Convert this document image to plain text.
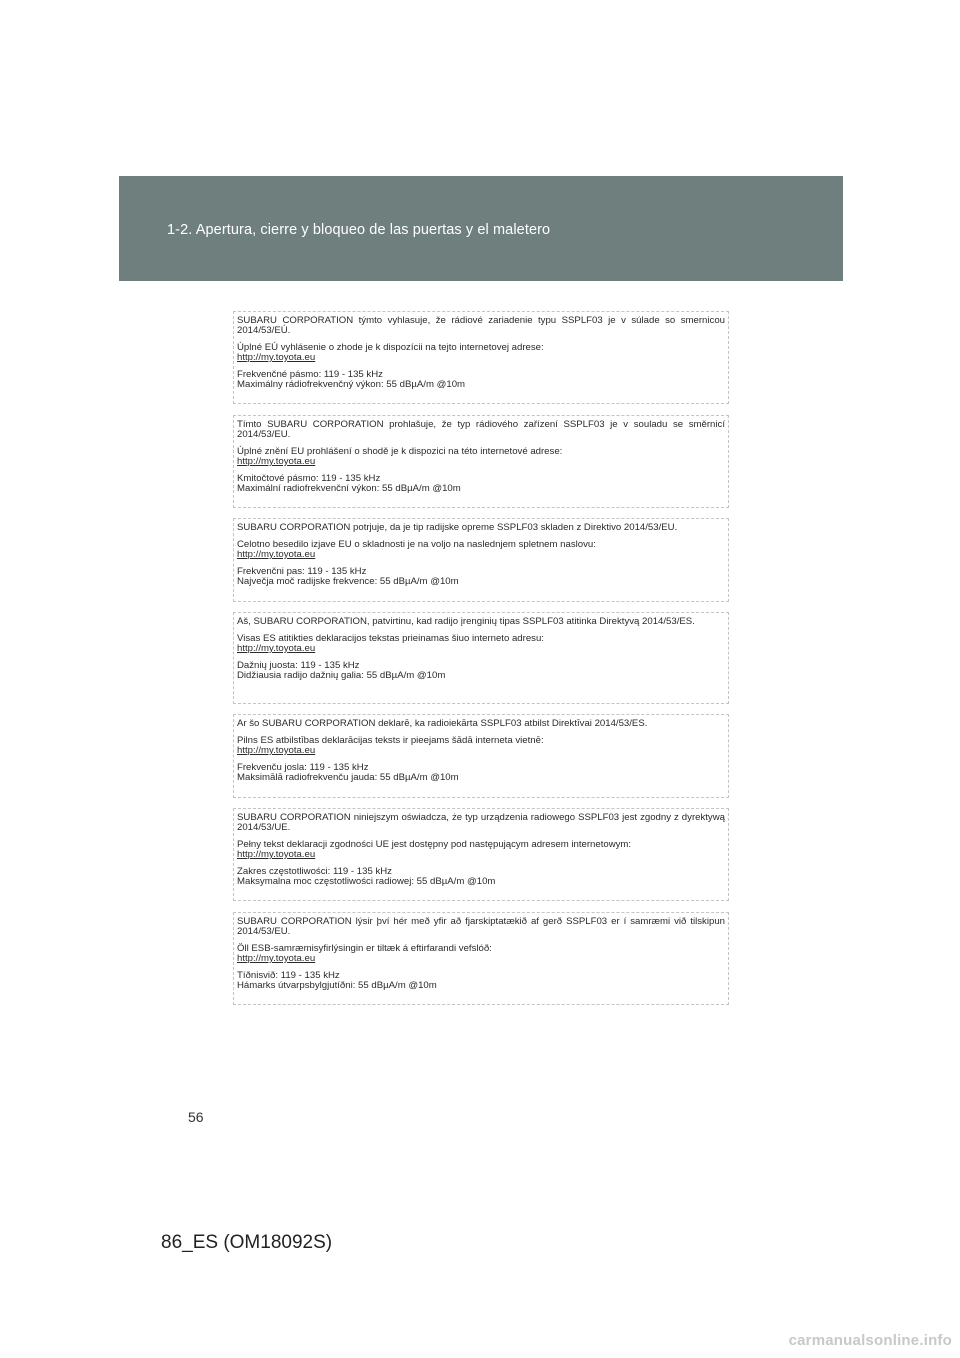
1-2. Apertura, cierre y bloqueo de las puertas y el maletero

SUBARU CORPORATION týmto vyhlasuje, že rádiové zariadenie typu SSPLF03 je v súlade so smernicou 2014/53/EÚ.

Úplné EÚ vyhlásenie o zhode je k dispozícii na tejto internetovej adrese:

http://my.toyota.eu

Frekvenčné pásmo: 119 - 135 kHz

Maximálny rádiofrekvenčný výkon: 55 dBµA/m @10m

Tímto SUBARU CORPORATION prohlašuje, že typ rádiového zařízení SSPLF03 je v souladu se směrnicí 2014/53/EU.

Úplné znění EU prohlášení o shodě je k dispozici na této internetové adrese:

http://my.toyota.eu

Kmitočtové pásmo: 119 - 135 kHz

Maximální radiofrekvenční výkon: 55 dBµA/m @10m

SUBARU CORPORATION potrjuje, da je tip radijske opreme SSPLF03 skladen z Direktivo 2014/53/EU.

Celotno besedilo izjave EU o skladnosti je na voljo na naslednjem spletnem naslovu:

http://my.toyota.eu

Frekvenčni pas: 119 - 135 kHz

Največja moč radijske frekvence: 55 dBµA/m @10m

Aš, SUBARU CORPORATION, patvirtinu, kad radijo įrenginių tipas SSPLF03 atitinka Direktyvą 2014/53/ES.

Visas ES atitikties deklaracijos tekstas prieinamas šiuo interneto adresu:

http://my.toyota.eu

Dažnių juosta: 119 - 135 kHz

Didžiausia radijo dažnių galia: 55 dBµA/m @10m

Ar šo SUBARU CORPORATION deklarē, ka radioiekārta SSPLF03 atbilst Direktīvai 2014/53/ES.

Pilns ES atbilstības deklarācijas teksts ir pieejams šādā interneta vietnē:

http://my.toyota.eu

Frekvenču josla: 119 - 135 kHz

Maksimālā radiofrekvenču jauda: 55 dBµA/m @10m

SUBARU CORPORATION niniejszym oświadcza, że typ urządzenia radiowego SSPLF03 jest zgodny z dyrektywą 2014/53/UE.

Pełny tekst deklaracji zgodności UE jest dostępny pod następującym adresem internetowym:

http://my.toyota.eu

Zakres częstotliwości: 119 - 135 kHz

Maksymalna moc częstotliwości radiowej: 55 dBµA/m @10m

SUBARU CORPORATION lýsir því hér með yfir að fjarskiptatækið af gerð SSPLF03 er í samræmi við tilskipun 2014/53/EU.

Öll ESB-samræmisyfirlýsingin er tiltæk á eftirfarandi vefslóð:

http://my.toyota.eu

Tíðnisvið: 119 - 135 kHz

Hámarks útvarpsbylgjutíðni: 55 dBµA/m @10m

56
86_ES (OM18092S)
carmanualsonline.info
